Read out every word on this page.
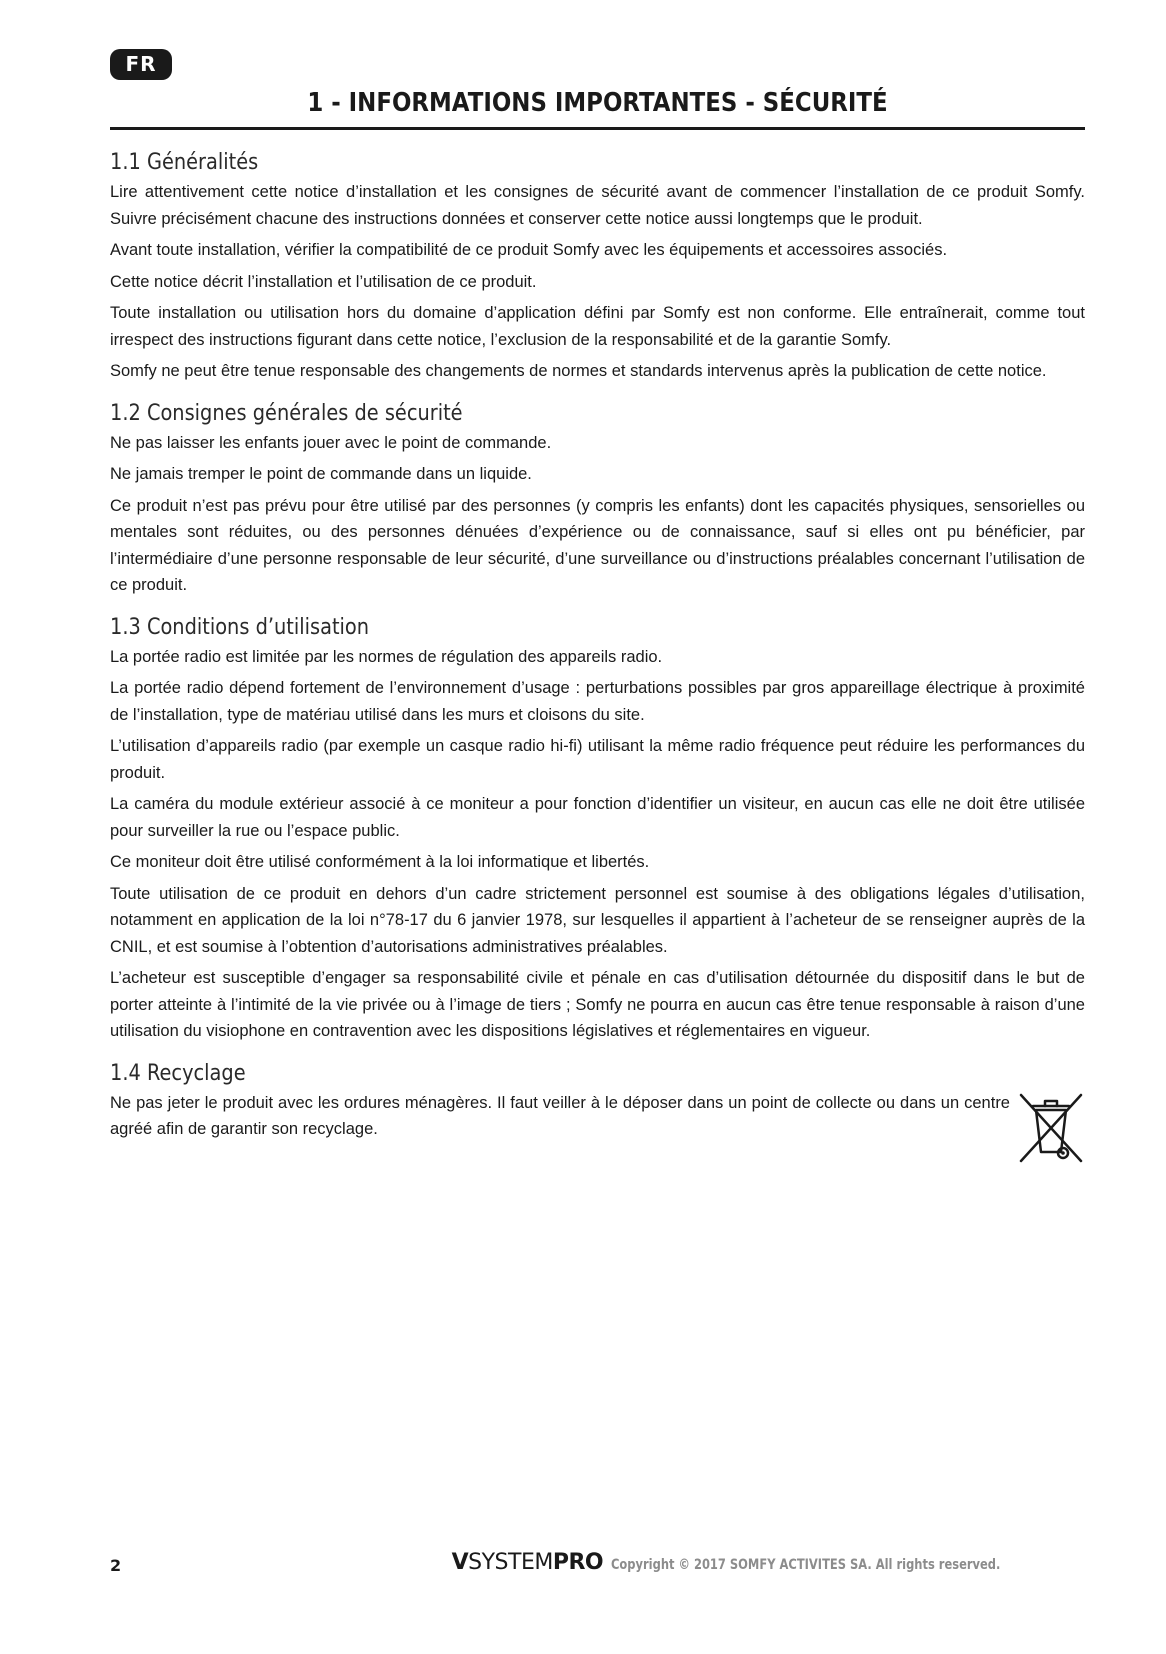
FR
1 - INFORMATIONS IMPORTANTES - SÉCURITÉ
1.1 Généralités

Lire attentivement cette notice d’installation et les consignes de sécurité avant de commencer l’installation de ce produit Somfy. Suivre précisément chacune des instructions données et conserver cette notice aussi longtemps que le produit.

Avant toute installation, vérifier la compatibilité de ce produit Somfy avec les équipements et accessoires associés.

Cette notice décrit l’installation et l’utilisation de ce produit.

Toute installation ou utilisation hors du domaine d’application défini par Somfy est non conforme. Elle entraînerait, comme tout irrespect des instructions figurant dans cette notice, l’exclusion de la responsabilité et de la garantie Somfy.

Somfy ne peut être tenue responsable des changements de normes et standards intervenus après la publication de cette notice.

1.2 Consignes générales de sécurité

Ne pas laisser les enfants jouer avec le point de commande.

Ne jamais tremper le point de commande dans un liquide.

Ce produit n’est pas prévu pour être utilisé par des personnes (y compris les enfants) dont les capacités physiques, sensorielles ou mentales sont réduites, ou des personnes dénuées d’expérience ou de connaissance, sauf si elles ont pu bénéficier, par l’intermédiaire d’une personne responsable de leur sécurité, d’une surveillance ou d’instructions préalables concernant l’utilisation de ce produit.

1.3 Conditions d’utilisation

La portée radio est limitée par les normes de régulation des appareils radio.

La portée radio dépend fortement de l’environnement d’usage : perturbations possibles par gros appareillage électrique à proximité de l’installation, type de matériau utilisé dans les murs et cloisons du site.

L’utilisation d’appareils radio (par exemple un casque radio hi-fi) utilisant la même radio fréquence peut réduire les performances du produit.

La caméra du module extérieur associé à ce moniteur a pour fonction d’identifier un visiteur, en aucun cas elle ne doit être utilisée pour surveiller la rue ou l’espace public.

Ce moniteur doit être utilisé conformément à la loi informatique et libertés.

Toute utilisation de ce produit en dehors d’un cadre strictement personnel est soumise à des obligations légales d’utilisation, notamment en application de la loi n°78-17 du 6 janvier 1978, sur lesquelles il appartient à l’acheteur de se renseigner auprès de la CNIL, et est soumise à l’obtention d’autorisations administratives préalables.

L’acheteur est susceptible d’engager sa responsabilité civile et pénale en cas d’utilisation détournée du dispositif dans le but de porter atteinte à l’intimité de la vie privée ou à l’image de tiers ; Somfy ne pourra en aucun cas être tenue responsable à raison d’une utilisation du visiophone en contravention avec les dispositions législatives et réglementaires en vigueur.

1.4 Recyclage

Ne pas jeter le produit avec les ordures ménagères. Il faut veiller à le déposer dans un point de collecte ou dans un centre agréé afin de garantir son recyclage.

2	VSYSTEMPRO Copyright © 2017 SOMFY ACTIVITES SA. All rights reserved.
